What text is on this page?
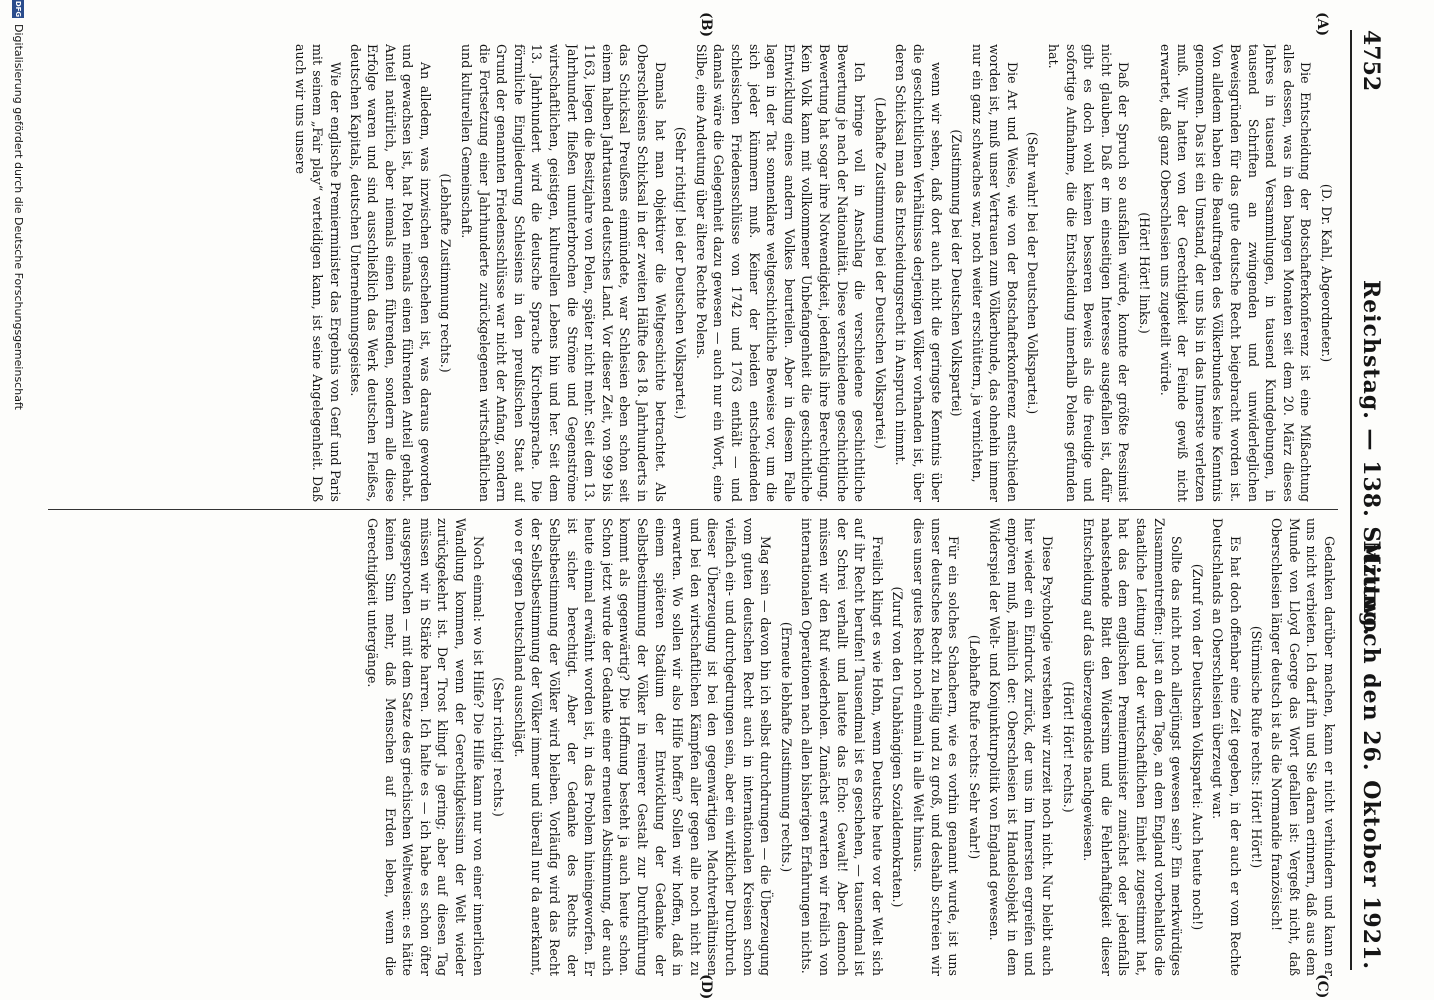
4752
Reichstag. — 138. Sitzung.
Mittwoch den 26. Oktober 1921.
(A)
(B)
(C)
(D)

(D. Dr. Kahl, Abgeordneter.)

Die Entscheidung der Botschafterkonferenz ist eine Mißachtung alles dessen, was in den bangen Monaten seit dem 20. März dieses Jahres in tausend Versammlungen, in tausend Kundgebungen, in tausend Schriften an zwingenden und unwiderleglichen Beweisgründen für das gute deutsche Recht beigebracht worden ist. Von alledem haben die Beauftragten des Völkerbundes keine Kenntnis genommen. Das ist ein Umstand, der uns bis in das Innerste verletzen muß. Wir hatten von der Gerechtigkeit der Feinde gewiß nicht erwartet, daß ganz Oberschlesien uns zugeteilt würde.

(Hört! Hört! links.)

Daß der Spruch so ausfallen würde, konnte der größte Pessimist nicht glauben. Daß er im einseitigen Interesse ausgefallen ist, dafür gibt es doch wohl keinen besseren Beweis als die freudige und sofortige Aufnahme, die die Entscheidung innerhalb Polens gefunden hat.

(Sehr wahr! bei der Deutschen Volkspartei.)

Die Art und Weise, wie von der Botschafterkonferenz entschieden worden ist, muß unser Vertrauen zum Völkerbunde, das ohnehin immer nur ein ganz schwaches war, noch weiter erschüttern, ja vernichten,

(Zustimmung bei der Deutschen Volkspartei)

wenn wir sehen, daß dort auch nicht die geringste Kenntnis über die geschichtlichen Verhältnisse derjenigen Völker vorhanden ist, über deren Schicksal man das Entscheidungsrecht in Anspruch nimmt.

(Lebhafte Zustimmung bei der Deutschen Volkspartei.)

Ich bringe voll in Anschlag die verschiedene geschichtliche Bewertung je nach der Nationalität. Diese verschiedene geschichtliche Bewertung hat sogar ihre Notwendigkeit, jedenfalls ihre Berechtigung. Kein Volk kann mit vollkommener Unbefangenheit die geschichtliche Entwicklung eines andern Volkes beurteilen. Aber in diesem Falle lagen in der Tat sonnenklare weltgeschichtliche Beweise vor, um die sich jeder kümmern muß. Keiner der beiden entscheidenden schlesischen Friedensschlüsse von 1742 und 1763 enthält — und damals wäre die Gelegenheit dazu gewesen — auch nur ein Wort, eine Silbe, eine Andeutung über ältere Rechte Polens.

(Sehr richtig! bei der Deutschen Volkspartei.)

Damals hat man objektiver die Weltgeschichte betrachtet. Als Oberschlesiens Schicksal in der zweiten Hälfte des 18. Jahrhunderts in das Schicksal Preußens einmündete, war Schlesien eben schon seit einem halben Jahrtausend deutsches Land. Vor dieser Zeit, von 999 bis 1163, liegen die Besitzjahre von Polen, später nicht mehr. Seit dem 13. Jahrhundert fließen ununterbrochen die Ströme und Gegenströme wirtschaftlichen, geistigen, kulturellen Lebens hin und her. Seit dem 13. Jahrhundert wird die deutsche Sprache Kirchensprache. Die förmliche Eingliederung Schlesiens in den preußischen Staat auf Grund der genannten Friedensschlüsse war nicht der Anfang, sondern die Fortsetzung einer Jahrhunderte zurückgelegenen wirtschaftlichen und kulturellen Gemeinschaft.

(Lebhafte Zustimmung rechts.)

An alledem, was inzwischen geschehen ist, was daraus geworden und gewachsen ist, hat Polen niemals einen führenden Anteil gehabt. Anteil natürlich, aber niemals einen führenden, sondern alle diese Erfolge waren und sind ausschließlich das Werk deutschen Fleißes, deutschen Kapitals, deutschen Unternehmungsgeistes.

Wie der englische Premierminister das Ergebnis von Genf und Paris mit seinem „Fair play“ verteidigen kann, ist seine Angelegenheit. Daß auch wir uns unsere

Gedanken darüber machen, kann er nicht verhindern und kann er uns nicht verbieten. Ich darf ihn und Sie daran erinnern, daß aus dem Munde von Lloyd George das Wort gefallen ist: Vergeßt nicht, daß Oberschlesien länger deutsch ist als die Normandie französisch!

(Stürmische Rufe rechts: Hört! Hört!)

Es hat doch offenbar eine Zeit gegeben, in der auch er vom Rechte Deutschlands an Oberschlesien überzeugt war.

(Zuruf von der Deutschen Volkspartei: Auch heute noch!)

Sollte das nicht noch allerjüngst gewesen sein? Ein merkwürdiges Zusammentreffen: just an dem Tage, an dem England vorbehaltlos die staatliche Leitung und der wirtschaftlichen Einheit zugestimmt hat, hat das dem englischen Premierminister zunächst oder jedenfalls nahestehende Blatt den Widersinn und die Fehlerhaftigkeit dieser Entscheidung auf das überzeugendste nachgewiesen.

(Hört! Hört! rechts.)

Diese Psychologie verstehen wir zurzeit noch nicht. Nur bleibt auch hier wieder ein Eindruck zurück, der uns im Innersten ergreifen und empören muß, nämlich der: Oberschlesien ist Handelsobjekt in dem Widerspiel der Welt- und Konjunkturpolitik von England gewesen.

(Lebhafte Rufe rechts: Sehr wahr!)

Für ein solches Schachern, wie es vorhin genannt wurde, ist uns unser deutsches Recht zu heilig und zu groß, und deshalb schreien wir dies unser gutes Recht noch einmal in alle Welt hinaus.

(Zuruf von den Unabhängigen Sozialdemokraten.)

Freilich klingt es wie Hohn, wenn Deutsche heute vor der Welt sich auf ihr Recht berufen! Tausendmal ist es geschehen, — tausendmal ist der Schrei verhallt und lautete das Echo: Gewalt! Aber dennoch müssen wir den Ruf wiederholen. Zunächst erwarten wir freilich von internationalen Operationen nach allen bisherigen Erfahrungen nichts.

(Erneute lebhafte Zustimmung rechts.)

Mag sein — davon bin ich selbst durchdrungen — die Überzeugung vom guten deutschen Recht auch in internationalen Kreisen schon vielfach ein- und durchgedrungen sein, aber ein wirklicher Durchbruch dieser Überzeugung ist bei den gegenwärtigen Machtverhältnissen und bei den wirtschaftlichen Kämpfen aller gegen alle noch nicht zu erwarten. Wo sollen wir also Hilfe hoffen? Sollen wir hoffen, daß in einem späteren Stadium der Entwicklung der Gedanke der Selbstbestimmung der Völker in reinerer Gestalt zur Durchführung kommt als gegenwärtig? Die Hoffnung besteht ja auch heute schon. Schon jetzt wurde der Gedanke einer erneuten Abstimmung, der auch heute einmal erwähnt worden ist, in das Problem hineingeworfen. Er ist sicher berechtigt. Aber der Gedanke des Rechts der Selbstbestimmung der Völker wird bleiben. Vorläufig wird das Recht der Selbstbestimmung der Völker immer und überall nur da anerkannt, wo er gegen Deutschland ausschlägt.

(Sehr richtig! rechts.)

Noch einmal: wo ist Hilfe? Die Hilfe kann nur von einer innerlichen Wandlung kommen, wenn der Gerechtigkeitssinn der Welt wieder zurückgekehrt ist. Der Trost klingt ja gering; aber auf diesen Tag müssen wir in Stärke harren. Ich halte es — ich habe es schon öfter ausgesprochen — mit dem Satze des griechischen Weltweisen: es hätte keinen Sinn mehr, daß Menschen auf Erden leben, wenn die Gerechtigkeit untergänge.

DFG
Digitalisierung gefördert durch die Deutsche Forschungsgemeinschaft
